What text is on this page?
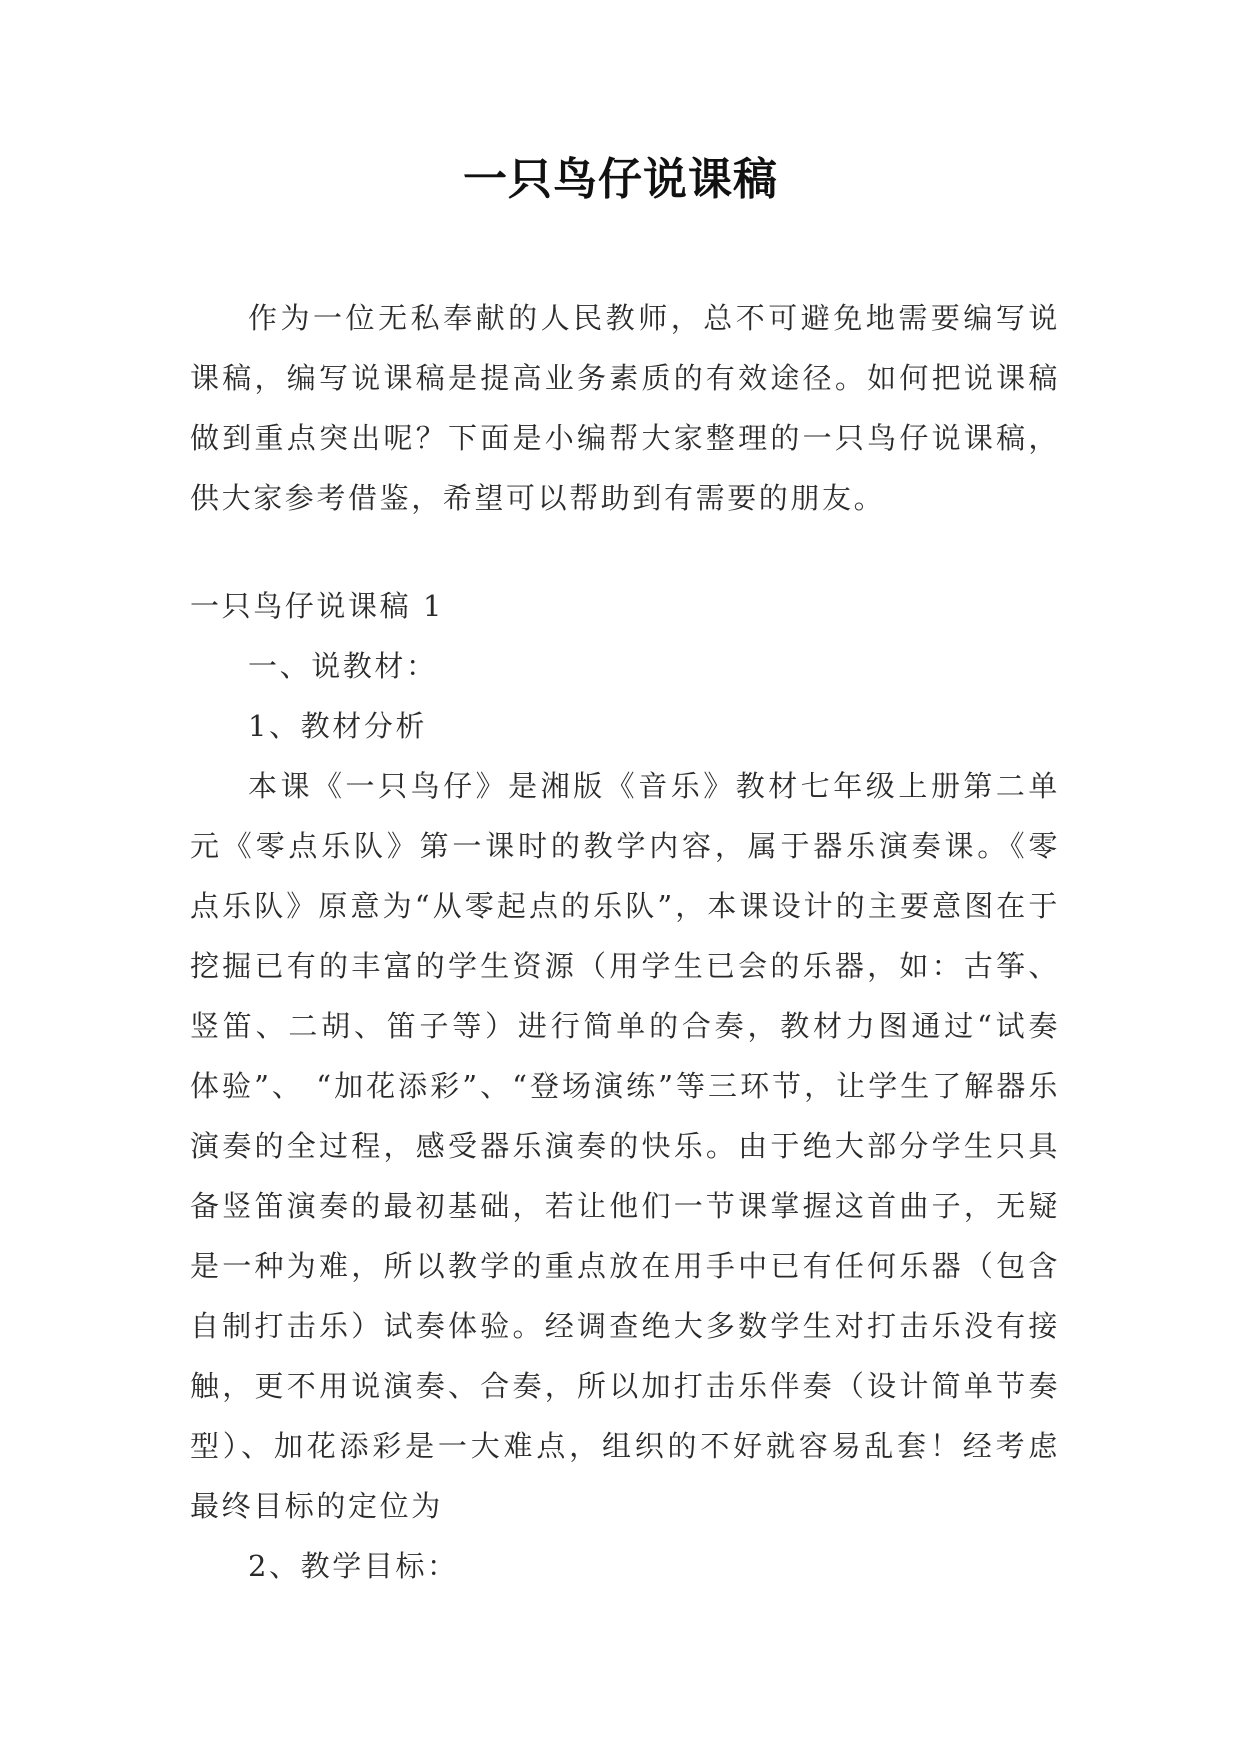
一只鸟仔说课稿

作为一位无私奉献的人民教师，总不可避免地需要编写说课稿，编写说课稿是提高业务素质的有效途径。如何把说课稿做到重点突出呢？下面是小编帮大家整理的一只鸟仔说课稿，供大家参考借鉴，希望可以帮助到有需要的朋友。

一只鸟仔说课稿 1

一、说教材：

1、教材分析

本课《一只鸟仔》是湘版《音乐》教材七年级上册第二单元《零点乐队》第一课时的教学内容，属于器乐演奏课。《零点乐队》原意为“从零起点的乐队”，本课设计的主要意图在于挖掘已有的丰富的学生资源（用学生已会的乐器，如：古筝、竖笛、二胡、笛子等）进行简单的合奏，教材力图通过“试奏体验”、 “加花添彩”、“登场演练”等三环节，让学生了解器乐演奏的全过程，感受器乐演奏的快乐。由于绝大部分学生只具备竖笛演奏的最初基础，若让他们一节课掌握这首曲子，无疑是一种为难，所以教学的重点放在用手中已有任何乐器（包含自制打击乐）试奏体验。经调查绝大多数学生对打击乐没有接触，更不用说演奏、合奏，所以加打击乐伴奏（设计简单节奏型）、加花添彩是一大难点，组织的不好就容易乱套！经考虑最终目标的定位为

2、教学目标：
